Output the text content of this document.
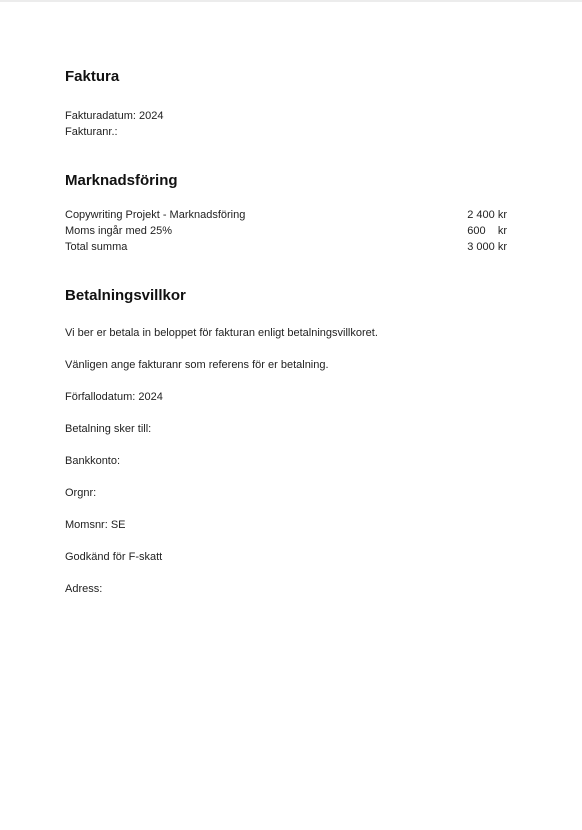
Faktura
Fakturadatum: 2024
Fakturanr.:
Marknadsföring
Copywriting Projekt - Marknadsföring	2 400 kr
Moms ingår med 25%	600    kr
Total summa	3 000 kr
Betalningsvillkor

Vi ber er betala in beloppet för fakturan enligt betalningsvillkoret.

Vänligen ange fakturanr som referens för er betalning.

Förfallodatum: 2024

Betalning sker till:

Bankkonto:

Orgnr:

Momsnr: SE

Godkänd för F-skatt

Adress:
